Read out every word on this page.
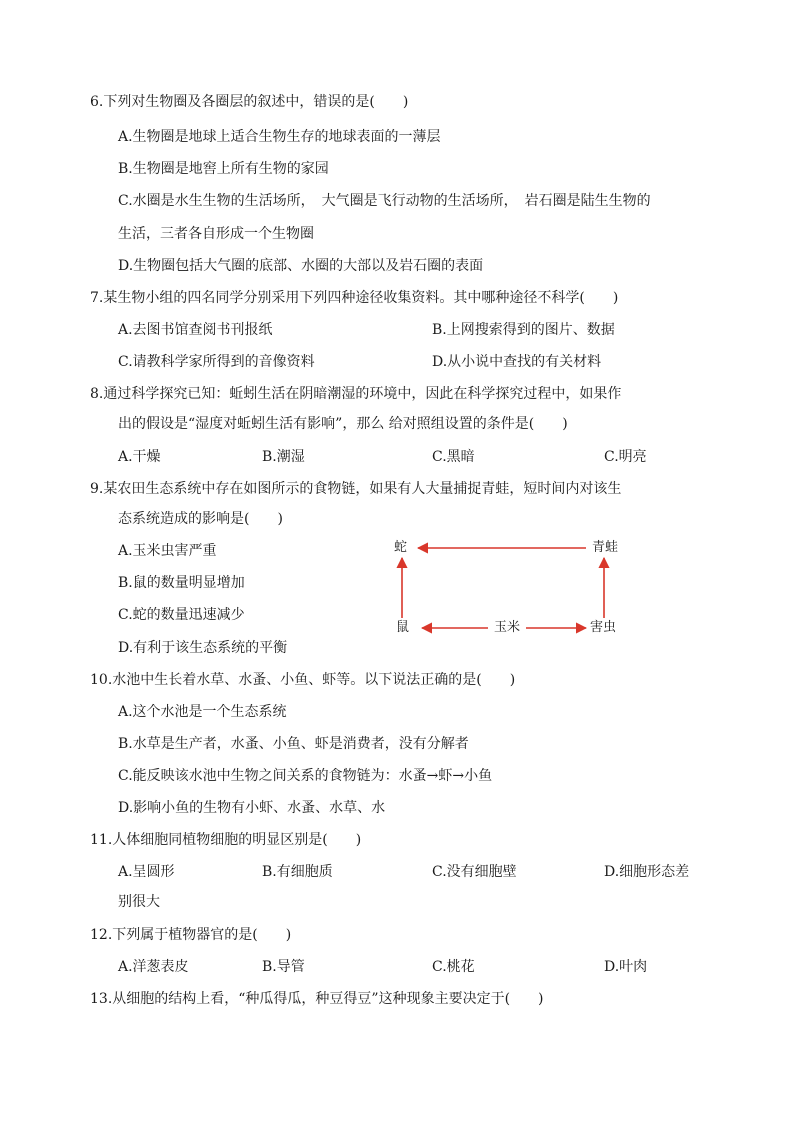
6.下列对生物圈及各圈层的叙述中，错误的是(　　)
A.生物圈是地球上适合生物生存的地球表面的一薄层
B.生物圈是地窖上所有生物的家园
C.水圈是水生生物的生活场所，　大气圈是飞行动物的生活场所，　岩石圈是陆生生物的
生活，三者各自形成一个生物圈
D.生物圈包括大气圈的底部、水圈的大部以及岩石圈的表面
7.某生物小组的四名同学分别采用下列四种途径收集资料。其中哪种途径不科学(　　)
A.去图书馆查阅书刊报纸	B.上网搜索得到的图片、数据
C.请教科学家所得到的音像资料	D.从小说中查找的有关材料
8.通过科学探究已知：蚯蚓生活在阴暗潮湿的环境中，因此在科学探究过程中，如果作
出的假设是“湿度对蚯蚓生活有影响”，那么 给对照组设置的条件是(　　)
A.干燥	B.潮湿	C.黑暗	C.明亮
9.某农田生态系统中存在如图所示的食物链，如果有人大量捕捉青蛙，短时间内对该生
态系统造成的影响是(　　)
A.玉米虫害严重
B.鼠的数量明显增加
C.蛇的数量迅速减少
D.有利于该生态系统的平衡
蛇	青蛙
鼠	玉米	害虫
10.水池中生长着水草、水蚤、小鱼、虾等。以下说法正确的是(　　)
A.这个水池是一个生态系统
B.水草是生产者，水蚤、小鱼、虾是消费者，没有分解者
C.能反映该水池中生物之间关系的食物链为：水蚤→虾→小鱼
D.影响小鱼的生物有小虾、水蚤、水草、水
11.人体细胞同植物细胞的明显区别是(　　)
A.呈圆形	B.有细胞质	C.没有细胞壁	D.细胞形态差
别很大
12.下列属于植物器官的是(　　)
A.洋葱表皮	B.导管	C.桃花	D.叶肉
13.从细胞的结构上看，“种瓜得瓜，种豆得豆”这种现象主要决定于(　　)
